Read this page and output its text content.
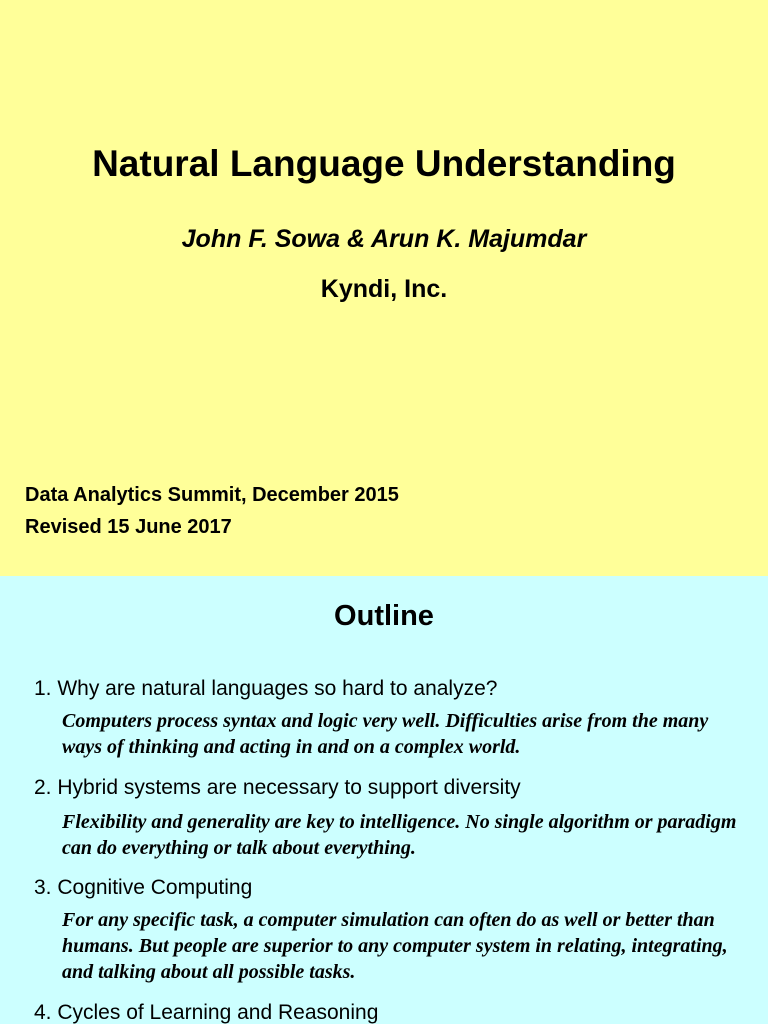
Natural Language Understanding

John F. Sowa & Arun K. Majumdar

Kyndi, Inc.

Data Analytics Summit, December 2015

Revised 15 June 2017

Outline

1. Why are natural languages so hard to analyze?

Computers process syntax and logic very well. Difficulties arise from the many ways of thinking and acting in and on a complex world.

2. Hybrid systems are necessary to support diversity

Flexibility and generality are key to intelligence. No single algorithm or paradigm can do everything or talk about everything.

3. Cognitive Computing

For any specific task, a computer simulation can often do as well or better than humans. But people are superior to any computer system in relating, integrating, and talking about all possible tasks.

4. Cycles of Learning and Reasoning
